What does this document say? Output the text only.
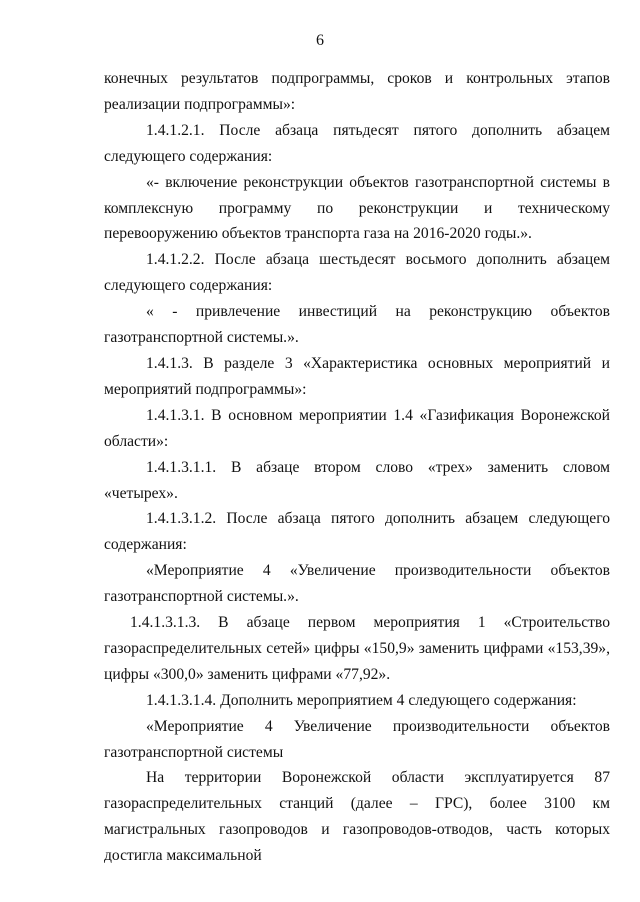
6

конечных результатов подпрограммы, сроков и контрольных этапов реализации подпрограммы»:

1.4.1.2.1. После абзаца пятьдесят пятого дополнить абзацем следующего содержания:

«- включение реконструкции объектов газотранспортной системы в комплексную программу по реконструкции и техническому перевооружению объектов транспорта газа на 2016-2020 годы.».

1.4.1.2.2. После абзаца шестьдесят восьмого дополнить абзацем следующего содержания:

« - привлечение инвестиций на реконструкцию объектов газотранспортной системы.».

1.4.1.3. В разделе 3 «Характеристика основных мероприятий и мероприятий подпрограммы»:

1.4.1.3.1. В основном мероприятии 1.4 «Газификация Воронежской области»:

1.4.1.3.1.1. В абзаце втором слово «трех» заменить словом «четырех».

1.4.1.3.1.2. После абзаца пятого дополнить абзацем следующего содержания:

«Мероприятие 4 «Увеличение производительности объектов газотранспортной системы.».

1.4.1.3.1.3. В абзаце первом мероприятия 1 «Строительство газораспределительных сетей» цифры «150,9» заменить цифрами «153,39», цифры «300,0» заменить цифрами «77,92».

1.4.1.3.1.4. Дополнить мероприятием 4 следующего содержания:

«Мероприятие 4 Увеличение производительности объектов газотранспортной системы

На территории Воронежской области эксплуатируется 87 газораспределительных станций (далее – ГРС), более 3100 км магистральных газопроводов и газопроводов-отводов, часть которых достигла максимальной
